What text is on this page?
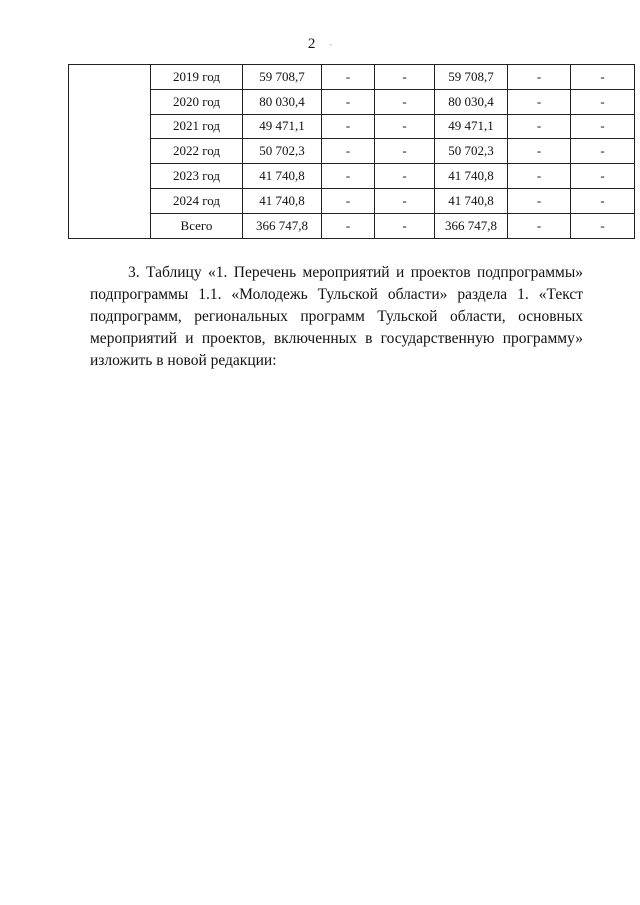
2 -
	2019 год	59 708,7	-	-	59 708,7	-	-
	2020 год	80 030,4	-	-	80 030,4	-	-
	2021 год	49 471,1	-	-	49 471,1	-	-
	2022 год	50 702,3	-	-	50 702,3	-	-
	2023 год	41 740,8	-	-	41 740,8	-	-
	2024 год	41 740,8	-	-	41 740,8	-	-
	Всего	366 747,8	-	-	366 747,8	-	-
3. Таблицу «1. Перечень мероприятий и проектов подпрограммы» подпрограммы 1.1. «Молодежь Тульской области» раздела 1. «Текст подпрограмм, региональных программ Тульской области, основных мероприятий и проектов, включенных в государственную программу» изложить в новой редакции:
